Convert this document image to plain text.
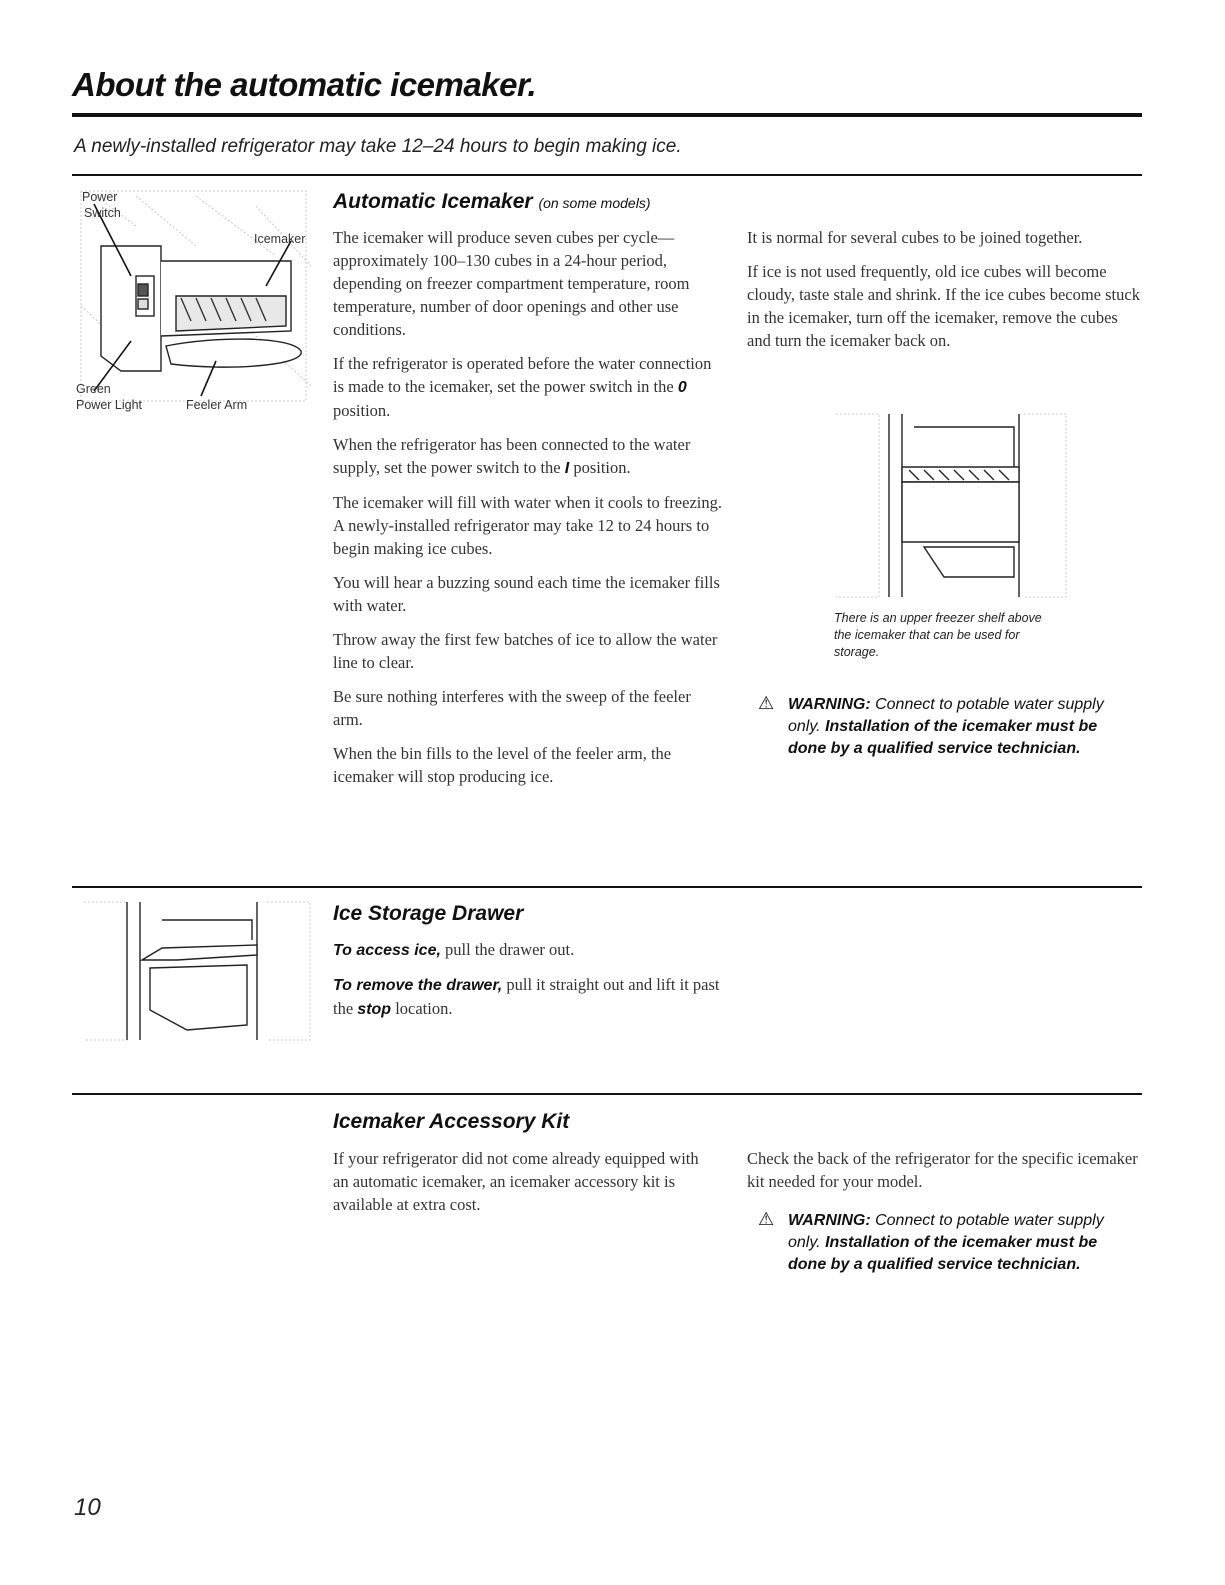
About the automatic icemaker.
A newly-installed refrigerator may take 12–24 hours to begin making ice.
Power
Switch
Icemaker
Green
Power Light	Feeler Arm
Automatic Icemaker (on some models)

The icemaker will produce seven cubes per cycle—approximately 100–130 cubes in a 24-hour period, depending on freezer compartment temperature, room temperature, number of door openings and other use conditions.

If the refrigerator is operated before the water connection is made to the icemaker, set the power switch in the 0 position.

When the refrigerator has been connected to the water supply, set the power switch to the I position.

The icemaker will fill with water when it cools to freezing. A newly-installed refrigerator may take 12 to 24 hours to begin making ice cubes.

You will hear a buzzing sound each time the icemaker fills with water.

Throw away the first few batches of ice to allow the water line to clear.

Be sure nothing interferes with the sweep of the feeler arm.

When the bin fills to the level of the feeler arm, the icemaker will stop producing ice.

It is normal for several cubes to be joined together.

If ice is not used frequently, old ice cubes will become cloudy, taste stale and shrink. If the ice cubes become stuck in the icemaker, turn off the icemaker, remove the cubes and turn the icemaker back on.

There is an upper freezer shelf above the icemaker that can be used for storage.
⚠ WARNING: Connect to potable water supply only. Installation of the icemaker must be done by a qualified service technician.
Ice Storage Drawer

To access ice, pull the drawer out.

To remove the drawer, pull it straight out and lift it past the stop location.

Icemaker Accessory Kit

If your refrigerator did not come already equipped with an automatic icemaker, an icemaker accessory kit is available at extra cost.

Check the back of the refrigerator for the specific icemaker kit needed for your model.

⚠ WARNING: Connect to potable water supply only. Installation of the icemaker must be done by a qualified service technician.
10
